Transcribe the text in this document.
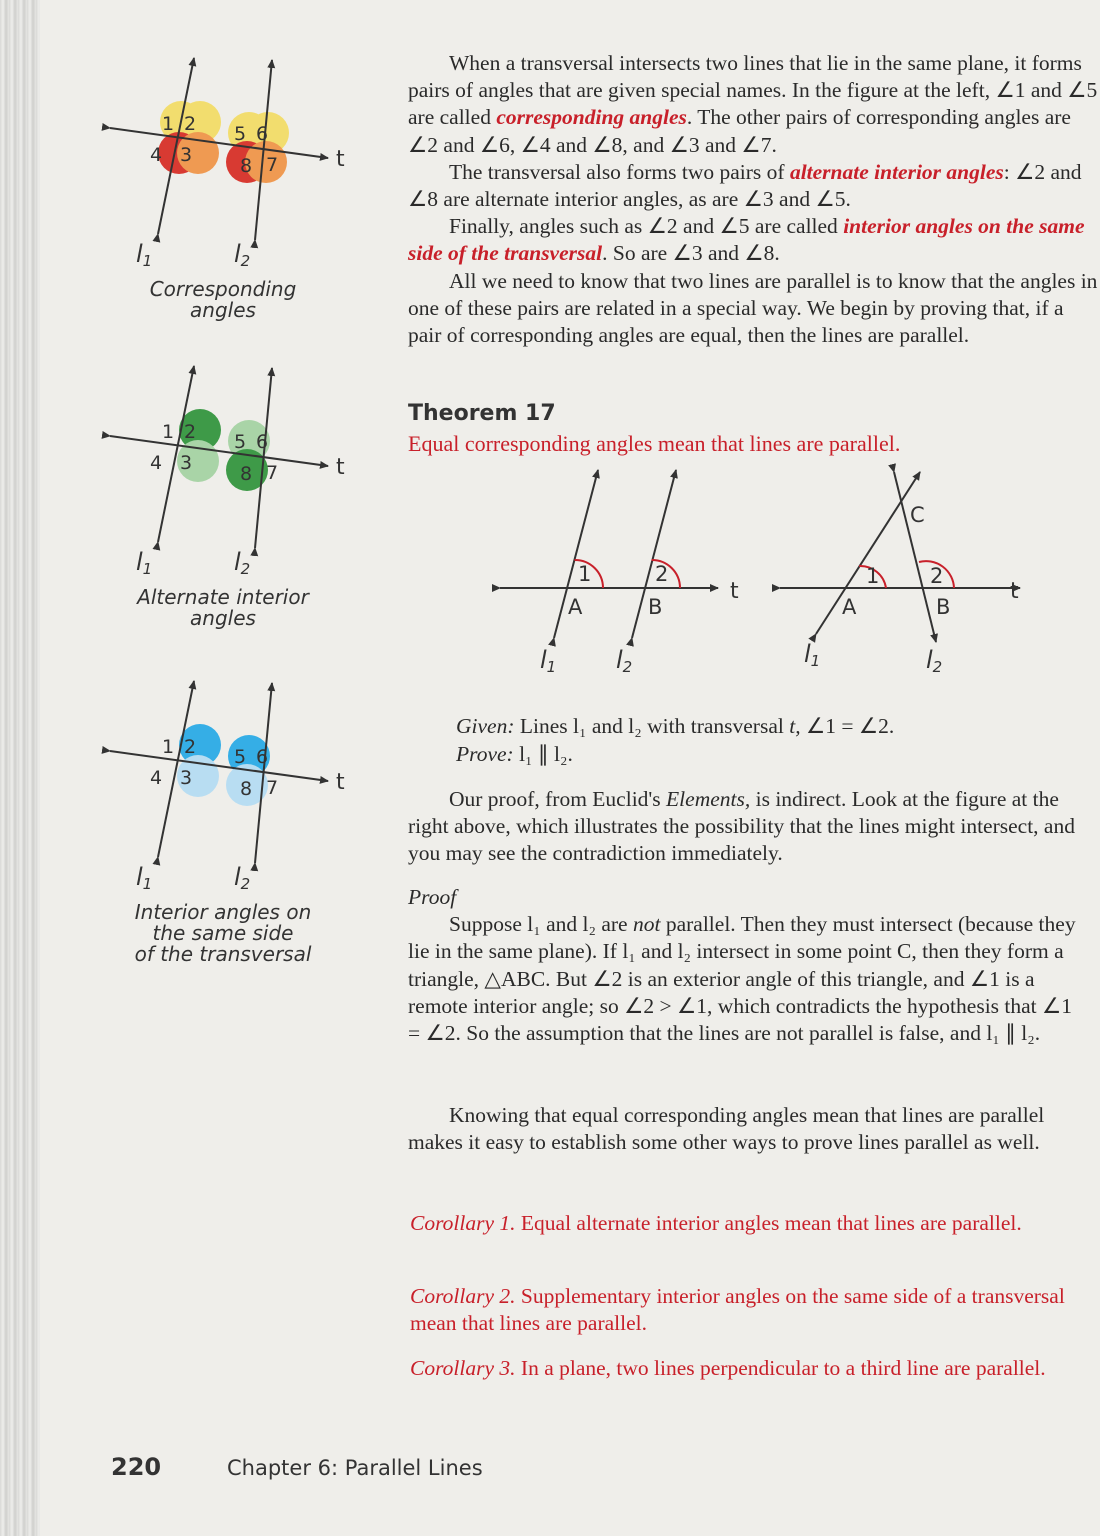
1 2
3
4
5 6
7
8	t
l1	l2
Corresponding
angles
1 2
3
4
5 6
7
8	t
l1	l2
Alternate interior
angles
1 2
3
4
5 6
7
8	t
l1	l2
Interior angles on
the same side
of the transversal

When a transversal intersects two lines that lie in the same plane, it forms pairs of angles that are given special names. In the figure at the left, ∠1 and ∠5 are called corresponding angles. The other pairs of corresponding angles are ∠2 and ∠6, ∠4 and ∠8, and ∠3 and ∠7.

The transversal also forms two pairs of alternate interior angles: ∠2 and ∠8 are alternate interior angles, as are ∠3 and ∠5.

Finally, angles such as ∠2 and ∠5 are called interior angles on the same side of the transversal. So are ∠3 and ∠8.

All we need to know that two lines are parallel is to know that the angles in one of these pairs are related in a special way. We begin by proving that, if a pair of corresponding angles are equal, then the lines are parallel.

Theorem 17
Equal corresponding angles mean that lines are parallel.
1	2
A	B
t
l1 l2
1 2
A	B
C
t
l1	l2
Given: Lines l₁ and l₂ with transversal t, ∠1 = ∠2.
Prove: l₁ ∥ l₂.

Our proof, from Euclid's Elements, is indirect. Look at the figure at the right above, which illustrates the possibility that the lines might intersect, and you may see the contradiction immediately.

Proof

Suppose l₁ and l₂ are not parallel. Then they must intersect (because they lie in the same plane). If l₁ and l₂ intersect in some point C, then they form a triangle, △ABC. But ∠2 is an exterior angle of this triangle, and ∠1 is a remote interior angle; so ∠2 > ∠1, which contradicts the hypothesis that ∠1 = ∠2. So the assumption that the lines are not parallel is false, and l₁ ∥ l₂.

Knowing that equal corresponding angles mean that lines are parallel makes it easy to establish some other ways to prove lines parallel as well.

Corollary 1. Equal alternate interior angles mean that lines are parallel.
Corollary 2. Supplementary interior angles on the same side of a transversal mean that lines are parallel.
Corollary 3. In a plane, two lines perpendicular to a third line are parallel.
220	Chapter 6: Parallel Lines
